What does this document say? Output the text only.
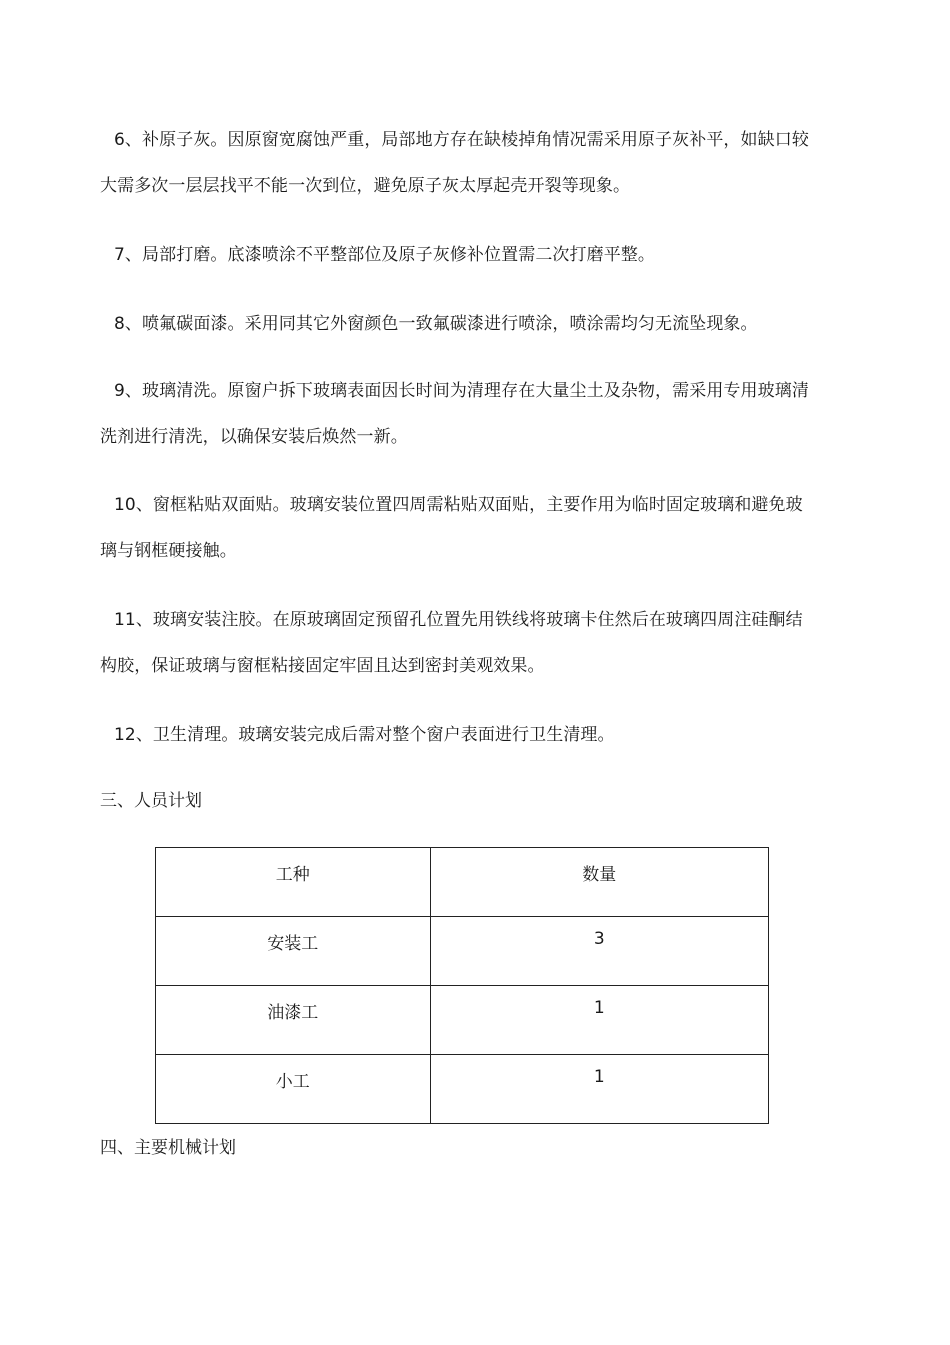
6、补原子灰。因原窗宽腐蚀严重，局部地方存在缺棱掉角情况需采用原子灰补平，如缺口较大需多次一层层找平不能一次到位，避免原子灰太厚起壳开裂等现象。

7、局部打磨。底漆喷涂不平整部位及原子灰修补位置需二次打磨平整。

8、喷氟碳面漆。采用同其它外窗颜色一致氟碳漆进行喷涂，喷涂需均匀无流坠现象。

9、玻璃清洗。原窗户拆下玻璃表面因长时间为清理存在大量尘土及杂物，需采用专用玻璃清洗剂进行清洗，以确保安装后焕然一新。

10、窗框粘贴双面贴。玻璃安装位置四周需粘贴双面贴，主要作用为临时固定玻璃和避免玻璃与钢框硬接触。

11、玻璃安装注胶。在原玻璃固定预留孔位置先用铁线将玻璃卡住然后在玻璃四周注硅酮结构胶，保证玻璃与窗框粘接固定牢固且达到密封美观效果。

12、卫生清理。玻璃安装完成后需对整个窗户表面进行卫生清理。

三、人员计划

工种	数量
安装工	3
油漆工	1
小工	1

四、主要机械计划
